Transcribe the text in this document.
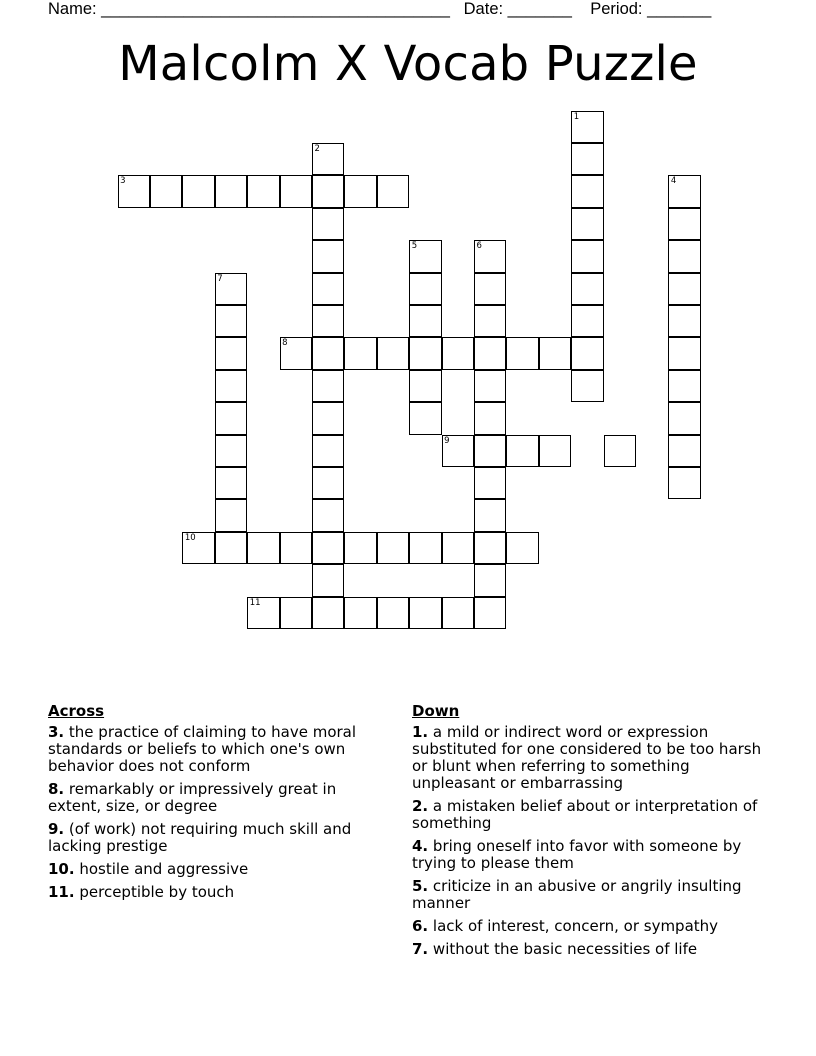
Name: ______________________________________   Date: _______    Period: _______
Malcolm X Vocab Puzzle
1
2
3	4
5	6
7
8
9
10
11
Across
3. the practice of claiming to have moral standards or beliefs to which one's own behavior does not conform
8. remarkably or impressively great in extent, size, or degree
9. (of work) not requiring much skill and lacking prestige
10. hostile and aggressive
11. perceptible by touch
Down
1. a mild or indirect word or expression substituted for one considered to be too harsh or blunt when referring to something unpleasant or embarrassing
2. a mistaken belief about or interpretation of something
4. bring oneself into favor with someone by trying to please them
5. criticize in an abusive or angrily insulting manner
6. lack of interest, concern, or sympathy
7. without the basic necessities of life
